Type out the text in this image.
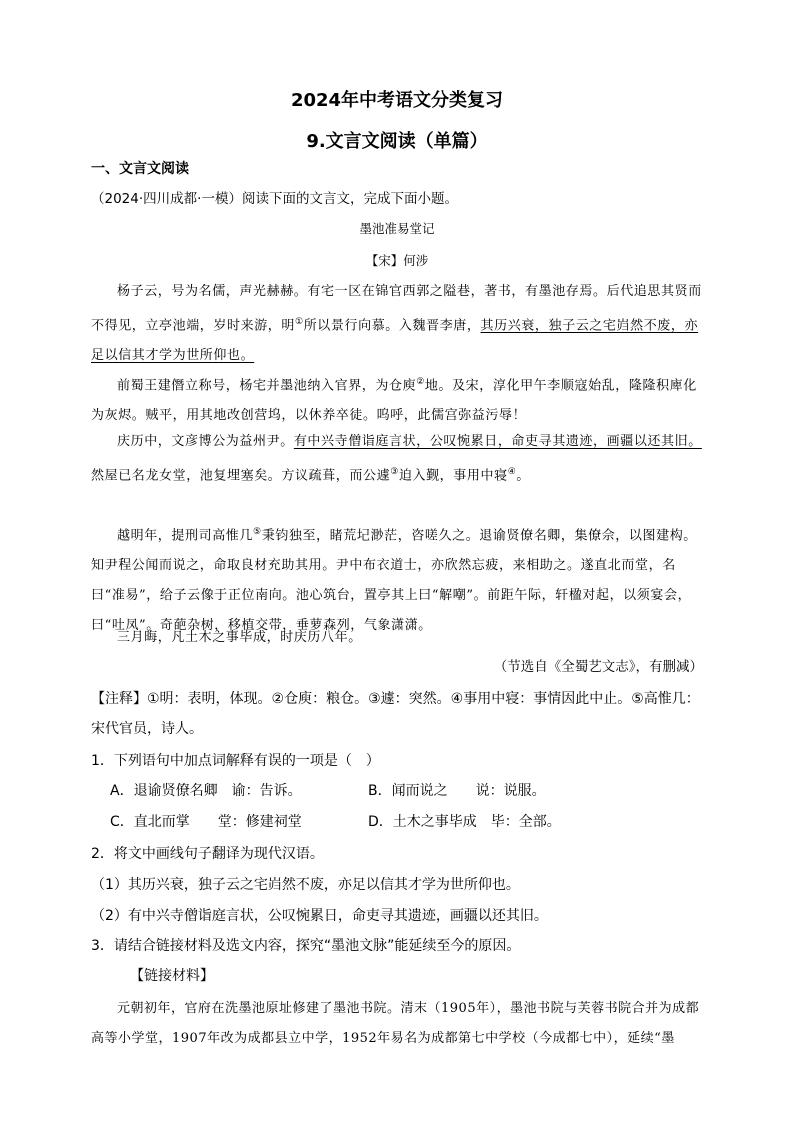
2024年中考语文分类复习
9.文言文阅读（单篇）
一、文言文阅读
（2024·四川成都·一模）阅读下面的文言文，完成下面小题。
墨池准易堂记
【宋】何涉
杨子云，号为名儒，声光赫赫。有宅一区在锦官西郭之隘巷，著书，有墨池存焉。后代追思其贤而不得见，立亭池端，岁时来游，明①所以景行向慕。入魏晋李唐，其历兴衰，独子云之宅岿然不废，亦足以信其才学为世所仰也。
前蜀王建僭立称号，杨宅并墨池纳入官界，为仓庾②地。及宋，淳化甲午李顺寇始乱，隆隆积庳化为灰烬。贼平，用其地改创营坞，以休养卒徒。呜呼，此儒宫弥益污辱！
庆历中，文彦博公为益州尹。有中兴寺僧诣庭言状，公叹惋累日，命吏寻其遗迹，画疆以还其旧。然屋已名龙女堂，池复埋塞矣。方议疏葺，而公遽③迫入觐，事用中寝④。
越明年，提刑司高惟几⑤秉钧独至，睹荒圮渺茫，咨嗟久之。退谕贤僚名卿，集僚佘，以图建构。知尹程公闻而说之，命取良材充助其用。尹中布衣道士，亦欣然忘疲，来相助之。遂直北而堂，名曰“准易”，给子云像于正位南向。池心筑台，置亭其上曰“解嘲”。前距午际，轩楹对起，以须宴会，曰“吐凤”。奇葩杂树，移植交带，垂萝森列，气象潇潇。
三月晦，凡土木之事毕成，时庆历八年。
（节选自《全蜀艺文志》，有删减）
【注释】①明：表明，体现。②仓庾：粮仓。③遽：突然。④事用中寝：事情因此中止。⑤高惟几：宋代官员，诗人。
1．下列语句中加点词解释有误的一项是（　）
A．退谕贤僚名卿　谕：告诉。	B．闻而说之　　说：说服。
C．直北而掌　　堂：修建祠堂	D．土木之事毕成　毕：全部。
2．将文中画线句子翻译为现代汉语。
（1）其历兴衰，独子云之宅岿然不废，亦足以信其才学为世所仰也。
（2）有中兴寺僧诣庭言状，公叹惋累日，命吏寻其遗迹，画疆以还其旧。
3．请结合链接材料及选文内容，探究“墨池文脉”能延续至今的原因。
【链接材料】
元朝初年，官府在洗墨池原址修建了墨池书院。清末（1905年），墨池书院与芙蓉书院合并为成都高等小学堂，1907年改为成都县立中学，1952年易名为成都第七中学校（今成都七中），延续“墨
